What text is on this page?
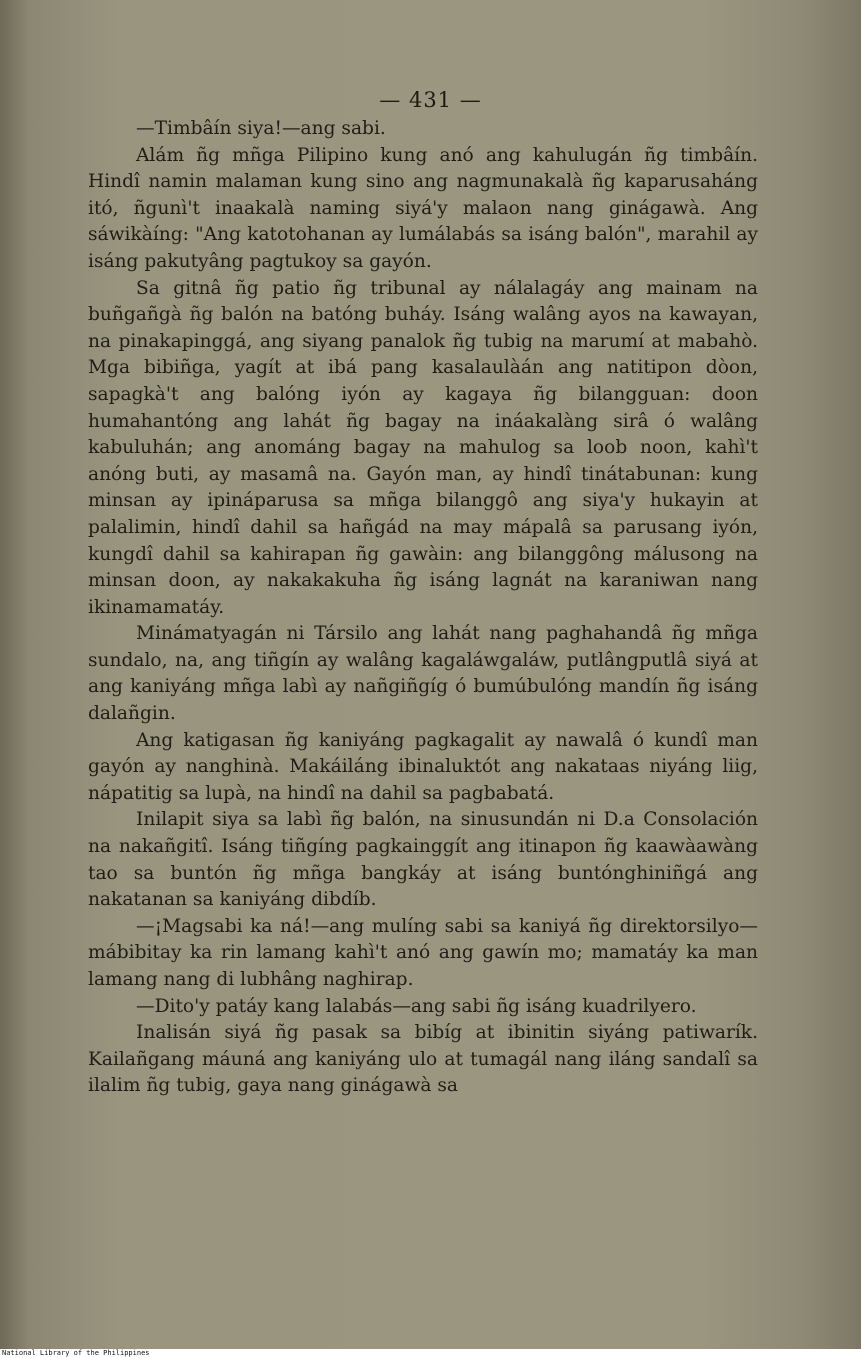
— 431 —

—Timbâín siya!—ang sabi.

Alám ñg mñga Pilipino kung anó ang kahulugán ñg timbâín. Hindî namin malaman kung sino ang nagmunakalà ñg kaparusaháng itó, ñgunì't inaakalà naming siyá'y malaon nang ginágawà. Ang sáwikàíng: "Ang katotohanan ay lumálabás sa isáng balón", marahil ay isáng pakutyâng pagtukoy sa gayón.

Sa gitnâ ñg patio ñg tribunal ay nálalagáy ang mainam na buñgañgà ñg balón na batóng buháy. Isáng walâng ayos na kawayan, na pinakapinggá, ang siyang panalok ñg tubig na marumí at mabahò. Mga bibiñga, yagít at ibá pang kasalaulàán ang natitipon dòon, sapagkà't ang balóng iyón ay kagaya ñg bilangguan: doon humahantóng ang lahát ñg bagay na ináakalàng sirâ ó walâng kabuluhán; ang anománg bagay na mahulog sa loob noon, kahì't anóng buti, ay masamâ na. Gayón man, ay hindî tinátabunan: kung minsan ay ipináparusa sa mñga bilanggô ang siya'y hukayin at palalimin, hindî dahil sa hañgád na may mápalâ sa parusang iyón, kungdî dahil sa kahirapan ñg gawàin: ang bilanggông málusong na minsan doon, ay nakakakuha ñg isáng lagnát na karaniwan nang ikinamamatáy.

Minámatyagán ni Társilo ang lahát nang paghahandâ ñg mñga sundalo, na, ang tiñgín ay walâng kagaláwgaláw, putlângputlâ siyá at ang kaniyáng mñga labì ay nañgiñgíg ó bumúbulóng mandín ñg isáng dalañgin.

Ang katigasan ñg kaniyáng pagkagalit ay nawalâ ó kundî man gayón ay nanghinà. Makáiláng ibinaluktót ang nakataas niyáng liig, nápatitig sa lupà, na hindî na dahil sa pagbabatá.

Inilapit siya sa labì ñg balón, na sinusundán ni D.a Consolación na nakañgitî. Isáng tiñgíng pagkainggít ang itinapon ñg kaawàawàng tao sa buntón ñg mñga bangkáy at isáng buntónghiniñgá ang nakatanan sa kaniyáng dibdíb.

—¡Magsabi ka ná!—ang mulíng sabi sa kaniyá ñg direktorsilyo—mábibitay ka rin lamang kahì't anó ang gawín mo; mamatáy ka man lamang nang di lubhâng naghirap.

—Dito'y patáy kang lalabás—ang sabi ñg isáng kuadrilyero.

Inalisán siyá ñg pasak sa bibíg at ibinitin siyáng patiwarík. Kailañgang máuná ang kaniyáng ulo at tumagál nang iláng sandalî sa ilalim ñg tubig, gaya nang ginágawà sa

National Library of the Philippines
